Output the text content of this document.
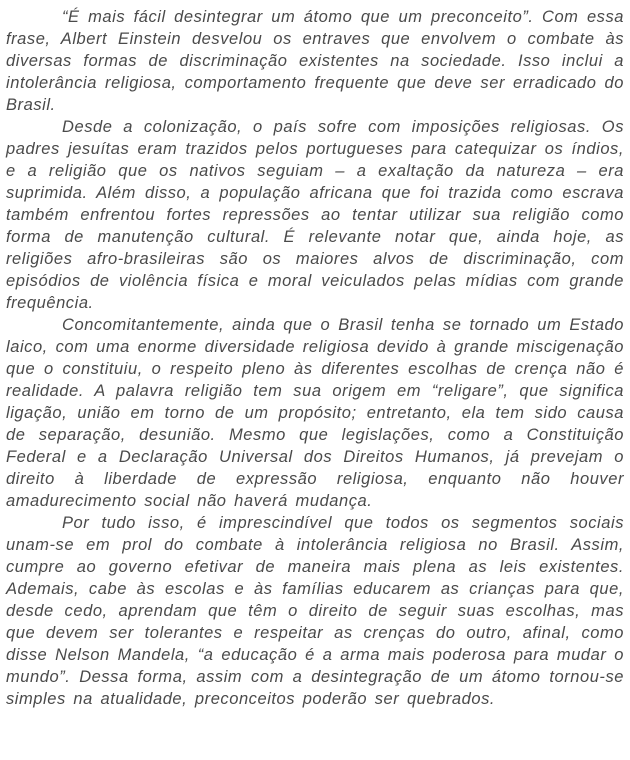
“É mais fácil desintegrar um átomo que um preconceito”. Com essa frase, Albert Einstein desvelou os entraves que envolvem o combate às diversas formas de discriminação existentes na sociedade. Isso inclui a intolerância religiosa, comportamento frequente que deve ser erradicado do Brasil.

Desde a colonização, o país sofre com imposições religiosas. Os padres jesuítas eram trazidos pelos portugueses para catequizar os índios, e a religião que os nativos seguiam – a exaltação da natureza – era suprimida. Além disso, a população africana que foi trazida como escrava também enfrentou fortes repressões ao tentar utilizar sua religião como forma de manutenção cultural. É relevante notar que, ainda hoje, as religiões afro-brasileiras são os maiores alvos de discriminação, com episódios de violência física e moral veiculados pelas mídias com grande frequência.

Concomitantemente, ainda que o Brasil tenha se tornado um Estado laico, com uma enorme diversidade religiosa devido à grande miscigenação que o constituiu, o respeito pleno às diferentes escolhas de crença não é realidade. A palavra religião tem sua origem em “religare”, que significa ligação, união em torno de um propósito; entretanto, ela tem sido causa de separação, desunião. Mesmo que legislações, como a Constituição Federal e a Declaração Universal dos Direitos Humanos, já prevejam o direito à liberdade de expressão religiosa, enquanto não houver amadurecimento social não haverá mudança.

Por tudo isso, é imprescindível que todos os segmentos sociais unam-se em prol do combate à intolerância religiosa no Brasil. Assim, cumpre ao governo efetivar de maneira mais plena as leis existentes. Ademais, cabe às escolas e às famílias educarem as crianças para que, desde cedo, aprendam que têm o direito de seguir suas escolhas, mas que devem ser tolerantes e respeitar as crenças do outro, afinal, como disse Nelson Mandela, “a educação é a arma mais poderosa para mudar o mundo”. Dessa forma, assim com a desintegração de um átomo tornou-se simples na atualidade, preconceitos poderão ser quebrados.
